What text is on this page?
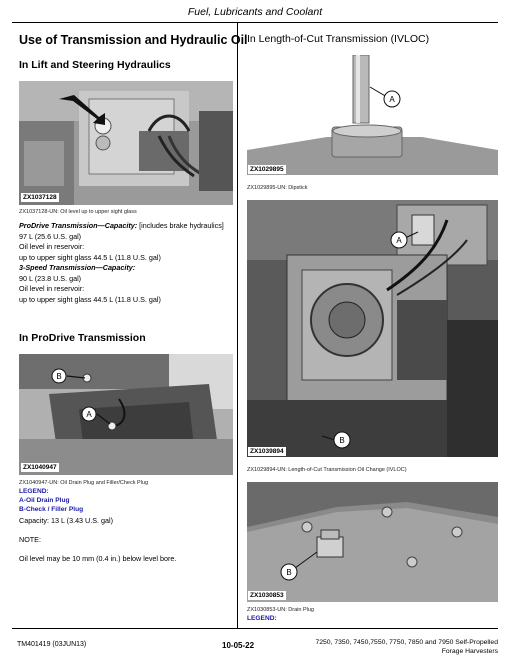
Fuel, Lubricants and Coolant
Use of Transmission and Hydraulic Oil
In Lift and Steering Hydraulics
ZX1037128
ZX1037128-UN: Oil level up to upper sight glass
ProDrive Transmission—Capacity: [includes brake hydraulics]
97 L (25.6 U.S. gal)
Oil level in reservoir:
up to upper sight glass 44.5 L (11.8 U.S. gal)
3-Speed Transmission—Capacity:
90 L (23.8 U.S. gal)
Oil level in reservoir:
up to upper sight glass 44.5 L (11.8 U.S. gal)
In ProDrive Transmission
B
A
ZX1040947
ZX1040947-UN: Oil Drain Plug and Filler/Check Plug
LEGEND:
A-Oil Drain Plug
B-Check / Filler Plug
Capacity: 13 L (3.43 U.S. gal)
NOTE:
Oil level may be 10 mm (0.4 in.) below level bore.
In Length-of-Cut Transmission (IVLOC)
A
ZX1029895
ZX1029895-UN: Dipstick
A
B
ZX1039894
ZX1029894-UN: Length-of-Cut Transmission Oil Change (IVLOC)
B
ZX1030853
ZX1030853-UN: Drain Plug
LEGEND:
TM401419 (03JUN13)	10-05-22	7250, 7350, 7450,7550, 7750, 7850 and 7950 Self-Propelled
Forage Harvesters
